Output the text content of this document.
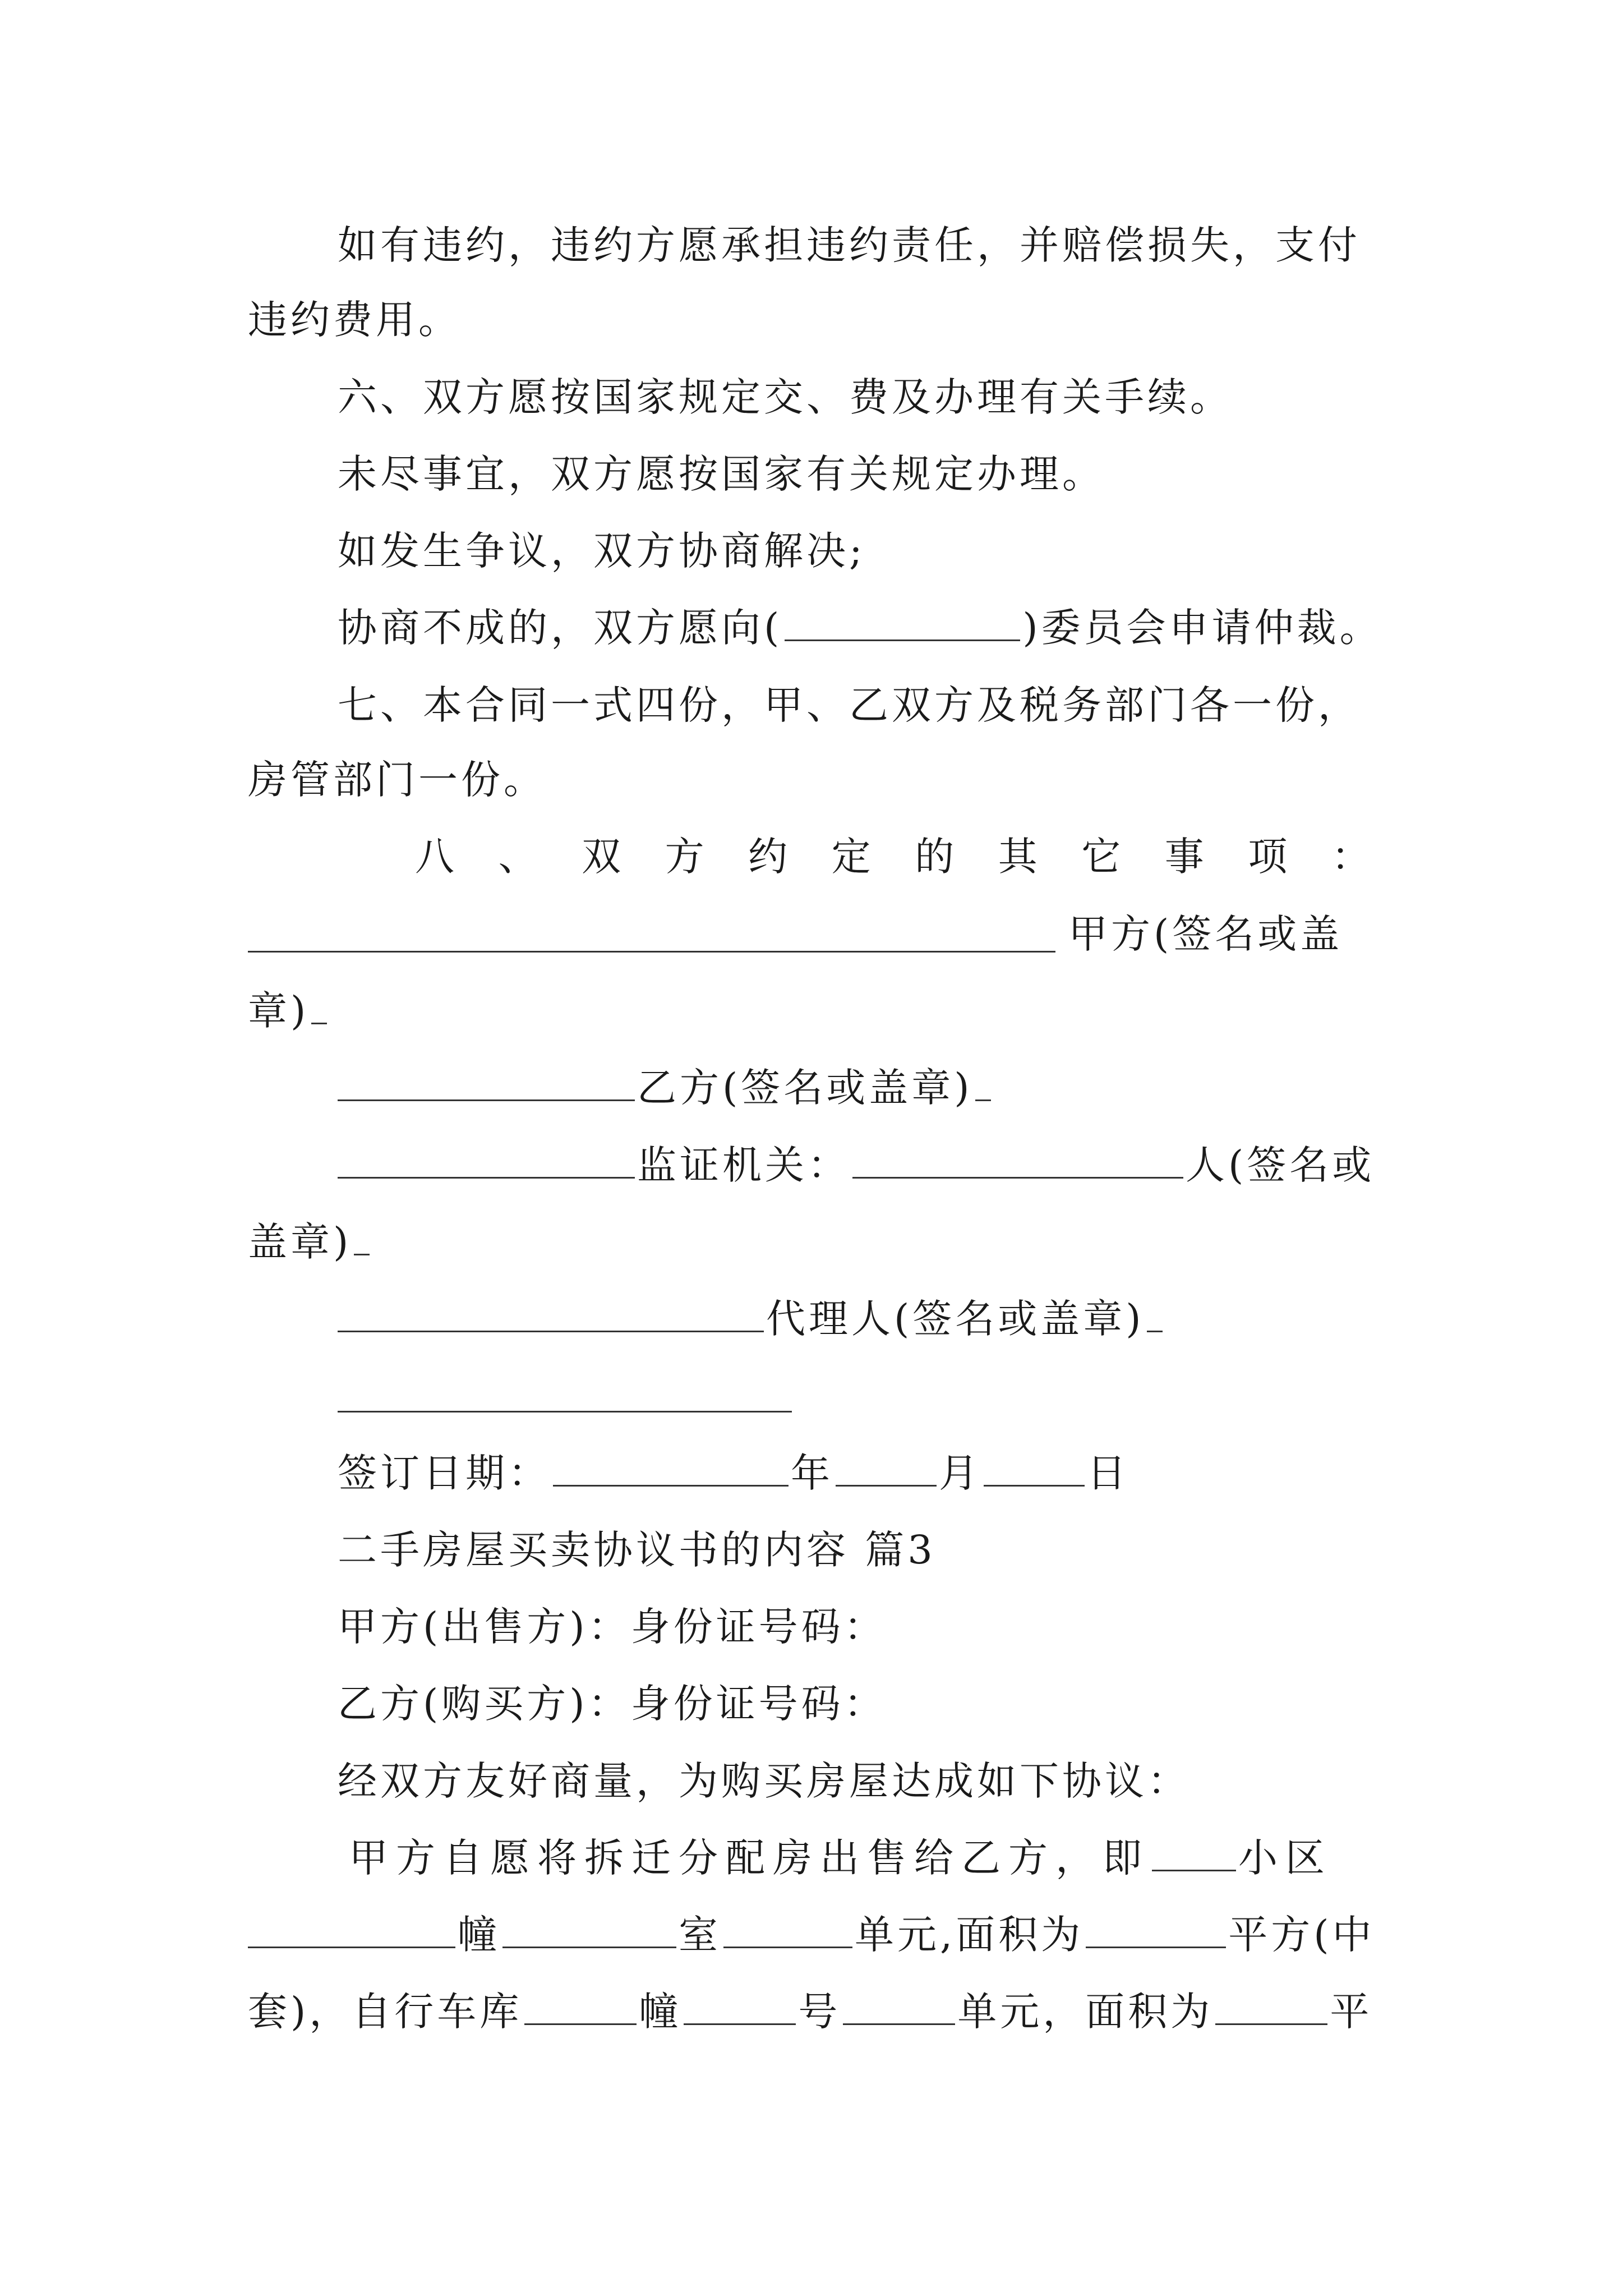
如有违约，违约方愿承担违约责任，并赔偿损失，支付
违约费用。
六、双方愿按国家规定交、费及办理有关手续。
未尽事宜，双方愿按国家有关规定办理。
如发生争议，双方协商解决;
协商不成的，双方愿向(	)委员会申请仲裁。
七、本合同一式四份，甲、乙双方及税务部门各一份，
房管部门一份。
八 、 双 方 约 定 的 其 它 事 项 ：
甲方(签名或盖
章)
乙方(签名或盖章)
监证机关：	人(签名或
盖章)
代理人(签名或盖章)
签订日期：	年	月	日
二手房屋买卖协议书的内容 篇3
甲方(出售方)：身份证号码：
乙方(购买方)：身份证号码：
经双方友好商量，为购买房屋达成如下协议：
甲方自愿将拆迁分配房出售给乙方，即 小区
幢	室	单元,面积为	平方(中
套)，自行车库	幢	号	单元，面积为	平
